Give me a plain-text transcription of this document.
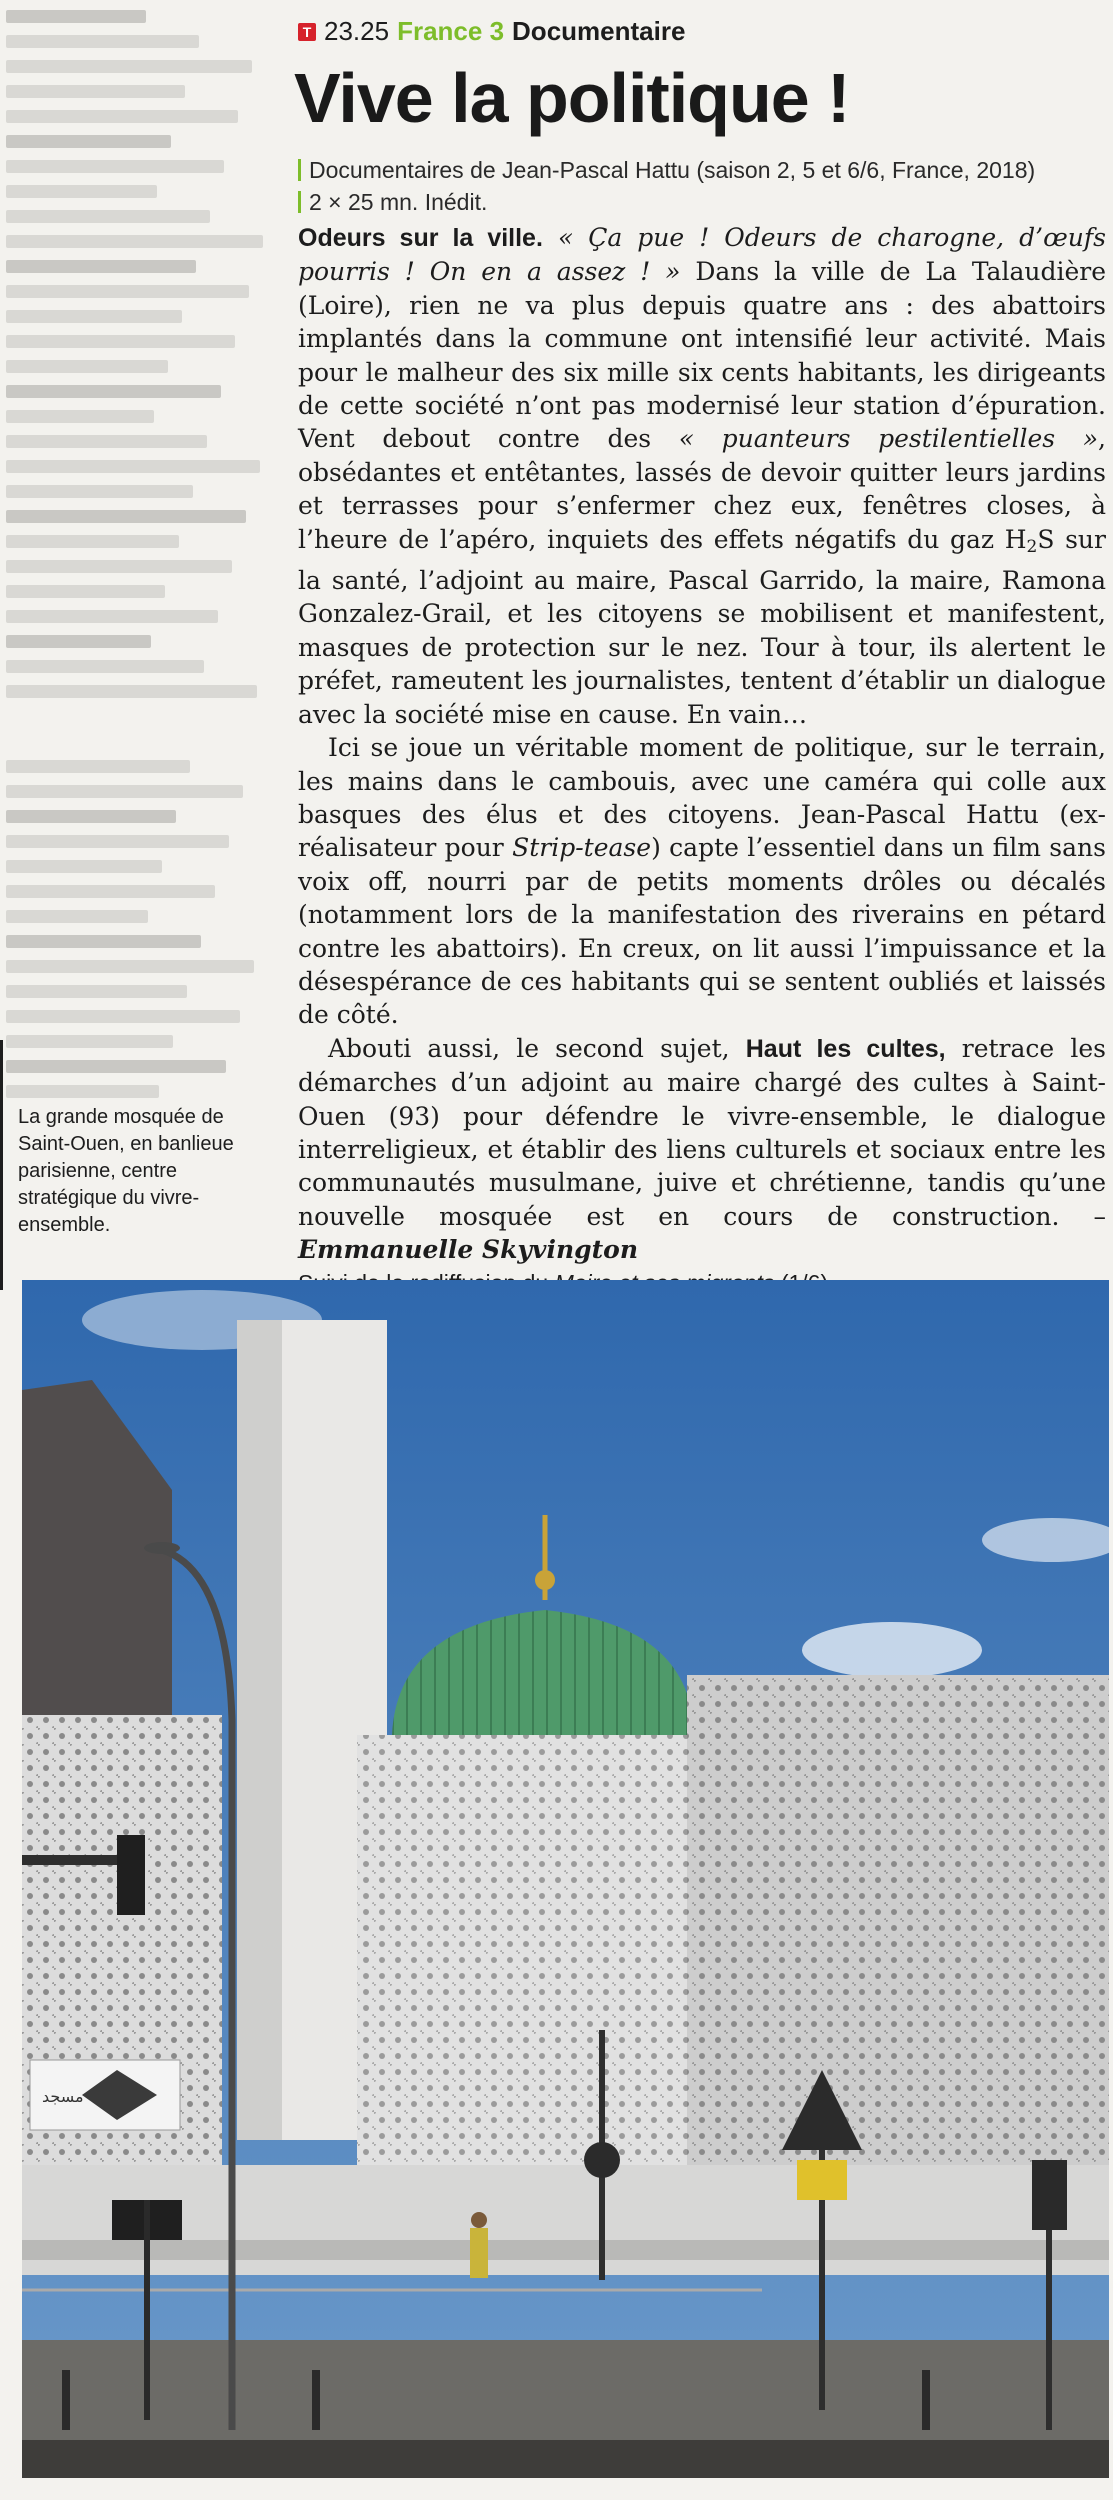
La grande mosquée de Saint-Ouen, en banlieue parisienne, centre stratégique du vivre-ensemble.
T 23.25 France 3 Documentaire
Vive la politique !
Documentaires de Jean-Pascal Hattu (saison 2, 5 et 6/6, France, 2018)
2 × 25 mn. Inédit.

Odeurs sur la ville. « Ça pue ! Odeurs de charogne, d’œufs pourris ! On en a assez ! » Dans la ville de La Talaudière (Loire), rien ne va plus depuis quatre ans : des abattoirs implantés dans la commune ont intensifié leur activité. Mais pour le malheur des six mille six cents habitants, les dirigeants de cette société n’ont pas modernisé leur station d’épuration. Vent debout contre des « puanteurs pestilentielles », obsédantes et entêtantes, lassés de devoir quitter leurs jardins et terrasses pour s’enfermer chez eux, fenêtres closes, à l’heure de l’apéro, inquiets des effets négatifs du gaz $H_2S$ sur la santé, l’adjoint au maire, Pascal Garrido, la maire, Ramona Gonzalez-Grail, et les citoyens se mobilisent et manifestent, masques de protection sur le nez. Tour à tour, ils alertent le préfet, rameutent les journalistes, tentent d’établir un dialogue avec la société mise en cause. En vain…

Ici se joue un véritable moment de politique, sur le terrain, les mains dans le cambouis, avec une caméra qui colle aux basques des élus et des citoyens. Jean-Pascal Hattu (ex-réalisateur pour Strip-tease) capte l’essentiel dans un film sans voix off, nourri par de petits moments drôles ou décalés (notamment lors de la manifestation des riverains en pétard contre les abattoirs). En creux, on lit aussi l’impuissance et la désespérance de ces habitants qui se sentent oubliés et laissés de côté.

Abouti aussi, le second sujet, Haut les cultes, retrace les démarches d’un adjoint au maire chargé des cultes à Saint-Ouen (93) pour défendre le vivre-ensemble, le dialogue interreligieux, et établir des liens culturels et sociaux entre les communautés musulmane, juive et chrétienne, tandis qu’une nouvelle mosquée est en cours de construction. – Emmanuelle Skyvington

مسجد
